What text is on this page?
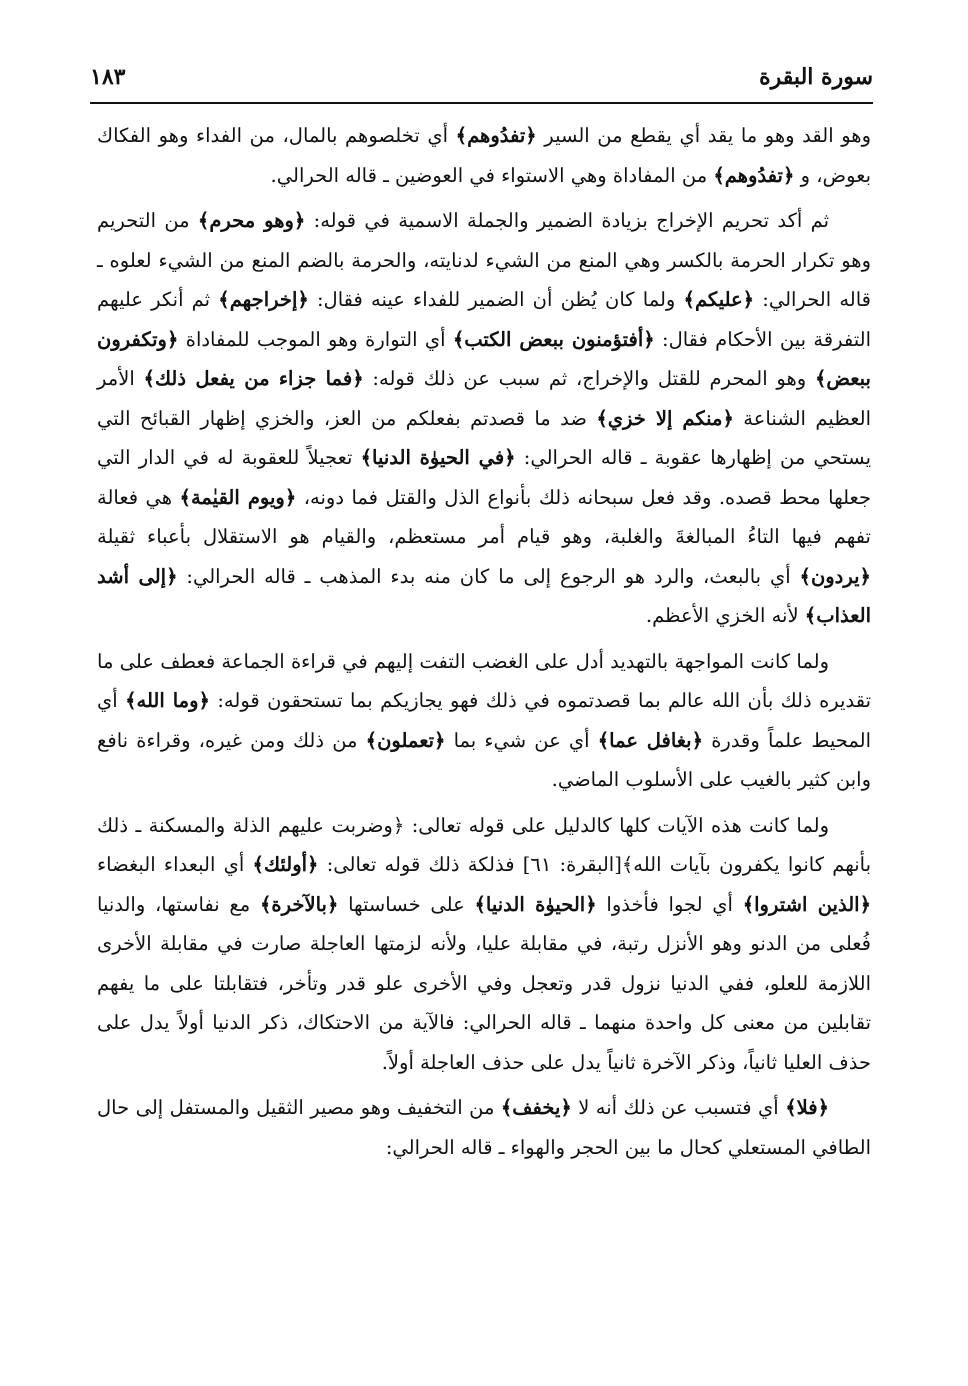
سورة البقرة
١٨٣

وهو القد وهو ما يقد أي يقطع من السير ﴿تفدُوهم﴾ أي تخلصوهم بالمال، من الفداء وهو الفكاك بعوض، و ﴿تفدُوهم﴾ من المفاداة وهي الاستواء في العوضين ـ قاله الحرالي.

ثم أكد تحريم الإخراج بزيادة الضمير والجملة الاسمية في قوله: ﴿وهو محرم﴾ من التحريم وهو تكرار الحرمة بالكسر وهي المنع من الشيء لدنايته، والحرمة بالضم المنع من الشيء لعلوه ـ قاله الحرالي: ﴿عليكم﴾ ولما كان يُظن أن الضمير للفداء عينه فقال: ﴿إخراجهم﴾ ثم أنكر عليهم التفرقة بين الأحكام فقال: ﴿أفتؤمنون ببعض الكتب﴾ أي التوارة وهو الموجب للمفاداة ﴿وتكفرون ببعض﴾ وهو المحرم للقتل والإخراج، ثم سبب عن ذلك قوله: ﴿فما جزاء من يفعل ذلك﴾ الأمر العظيم الشناعة ﴿منكم إلا خزي﴾ ضد ما قصدتم بفعلكم من العز، والخزي إظهار القبائح التي يستحي من إظهارها عقوبة ـ قاله الحرالي: ﴿في الحيوٰة الدنيا﴾ تعجيلاً للعقوبة له في الدار التي جعلها محط قصده. وقد فعل سبحانه ذلك بأنواع الذل والقتل فما دونه، ﴿ويوم القيٰمة﴾ هي فعالة تفهم فيها التاءُ المبالغةَ والغلبة، وهو قيام أمر مستعظم، والقيام هو الاستقلال بأعباء ثقيلة ﴿يردون﴾ أي بالبعث، والرد هو الرجوع إلى ما كان منه بدء المذهب ـ قاله الحرالي: ﴿إلى أشد العذاب﴾ لأنه الخزي الأعظم.

ولما كانت المواجهة بالتهديد أدل على الغضب التفت إليهم في قراءة الجماعة فعطف على ما تقديره ذلك بأن الله عالم بما قصدتموه في ذلك فهو يجازيكم بما تستحقون قوله: ﴿وما الله﴾ أي المحيط علماً وقدرة ﴿بغافل عما﴾ أي عن شيء بما ﴿تعملون﴾ من ذلك ومن غيره، وقراءة نافع وابن كثير بالغيب على الأسلوب الماضي.

ولما كانت هذه الآيات كلها كالدليل على قوله تعالى: ﴿وضربت عليهم الذلة والمسكنة ـ ذلك بأنهم كانوا يكفرون بآيات الله﴾[البقرة: ٦١] فذلكة ذلك قوله تعالى: ﴿أولئك﴾ أي البعداء البغضاء ﴿الذين اشتروا﴾ أي لجوا فأخذوا ﴿الحيوٰة الدنيا﴾ على خساستها ﴿بالآخرة﴾ مع نفاستها، والدنيا فُعلى من الدنو وهو الأنزل رتبة، في مقابلة عليا، ولأنه لزمتها العاجلة صارت في مقابلة الأخرى اللازمة للعلو، ففي الدنيا نزول قدر وتعجل وفي الأخرى علو قدر وتأخر، فتقابلتا على ما يفهم تقابلين من معنى كل واحدة منهما ـ قاله الحرالي: فالآية من الاحتكاك، ذكر الدنيا أولاً يدل على حذف العليا ثانياً، وذكر الآخرة ثانياً يدل على حذف العاجلة أولاً.

﴿فلا﴾ أي فتسبب عن ذلك أنه لا ﴿يخفف﴾ من التخفيف وهو مصير الثقيل والمستفل إلى حال الطافي المستعلي كحال ما بين الحجر والهواء ـ قاله الحرالي:
